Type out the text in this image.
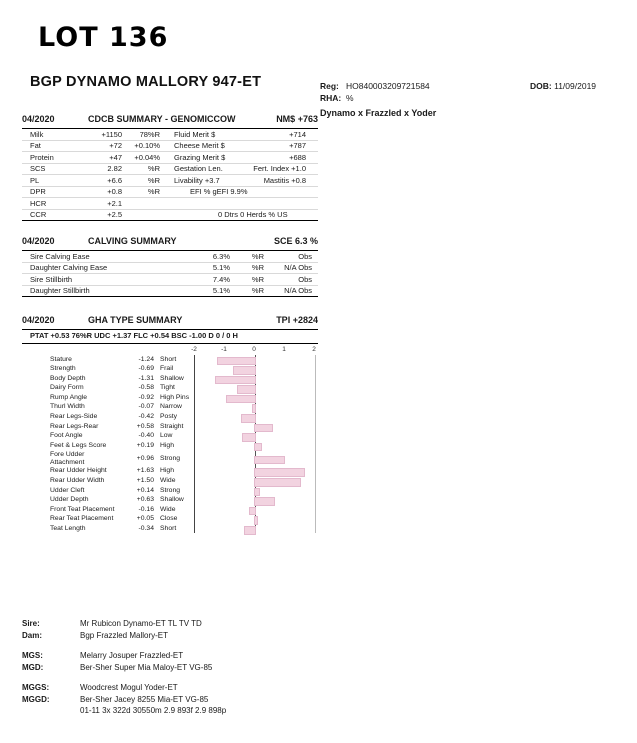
LOT 136
BGP DYNAMO MALLORY 947-ET	Reg: HO840003209721584	DOB: 11/09/2019
RHA: %
Dynamo x Frazzled x Yoder
04/2020	CDCB SUMMARY - GENOMICCOW	NM$ +763
Milk	+1150	78%R Fluid Merit $	+714
Fat	+72	+0.10% Cheese Merit $	+787
Protein	+47	+0.04% Grazing Merit $	+688
SCS	2.82	%R Gestation Len.	Fert. Index +1.0
PL	+6.6	%R Livability +3.7	Mastitis +0.8
DPR	+0.8	%R	EFI % gEFI 9.9%
HCR	+2.1
CCR	+2.5	0 Dtrs 0 Herds % US
04/2020	CALVING SUMMARY	SCE 6.3 %
Sire Calving Ease	6.3%	%R	Obs
Daughter Calving Ease	5.1%	%R	N/A Obs
Sire Stillbirth	7.4%	%R	Obs
Daughter Stillbirth	5.1%	%R	N/A Obs
04/2020	GHA TYPE SUMMARY	TPI +2824
PTAT +0.53 76%R UDC +1.37 FLC +0.54 BSC -1.00 D 0 / 0 H
-2	-1	0	1	2
Stature	-1.24 Short
Strength	-0.69 Frail
Body Depth	-1.31 Shallow
Dairy Form	-0.58 Tight
Rump Angle	-0.92 High Pins
Thurl Width	-0.07 Narrow
Rear Legs-Side	-0.42 Posty
Rear Legs-Rear	+0.58 Straight
Foot Angle	-0.40 Low
Feet & Legs Score	+0.19 High
Fore Udder Attachment
+0.96 Strong
Rear Udder Height	+1.63 High
Rear Udder Width	+1.50 Wide
Udder Cleft	+0.14 Strong
Udder Depth	+0.63 Shallow
Front Teat Placement	-0.16 Wide
Rear Teat Placement	+0.05 Close
Teat Length	-0.34 Short
Sire:	Mr Rubicon Dynamo-ET TL TV TD
Dam:	Bgp Frazzled Mallory-ET
MGS:	Melarry Josuper Frazzled-ET
MGD:	Ber-Sher Super Mia Maloy-ET VG-85
MGGS:	Woodcrest Mogul Yoder-ET
MGGD:	Ber-Sher Jacey 8255 Mia-ET VG-85
01-11 3x 322d 30550m 2.9 893f 2.9 898p
